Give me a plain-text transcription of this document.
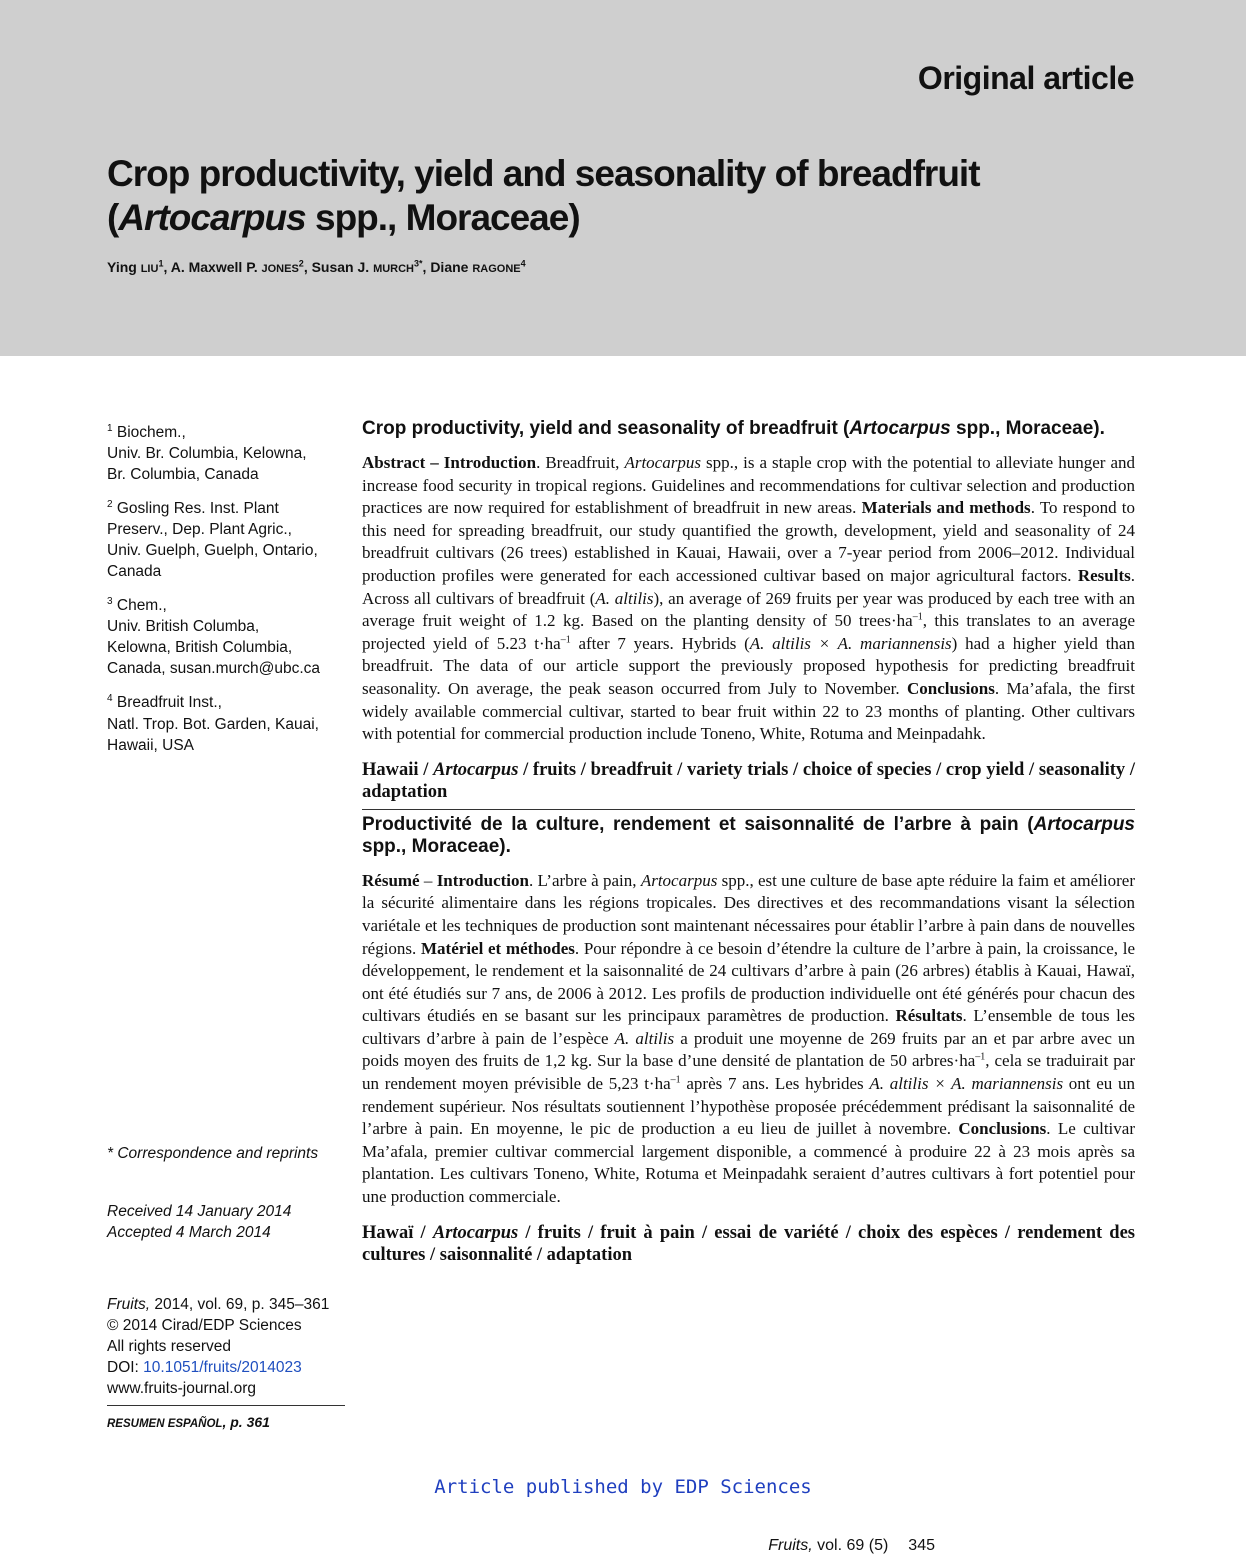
Original article
Crop productivity, yield and seasonality of breadfruit (Artocarpus spp., Moraceae)
Ying LIU$^1$, A. Maxwell P. JONES$^2$, Susan J. $MURCH^{3*}$, Diane RAGONE$^4$
$^1$ Biochem.,
Univ. Br. Columbia, Kelowna,
Br. Columbia, Canada
$^2$ Gosling Res. Inst. Plant
Preserv., Dep. Plant Agric.,
Univ. Guelph, Guelph, Ontario,
Canada
$^3$ Chem.,
Univ. British Columba,
Kelowna, British Columbia,
Canada, susan.murch@ubc.ca
$^4$ Breadfruit Inst.,
Natl. Trop. Bot. Garden, Kauai,
Hawaii, USA
* Correspondence and reprints
Received 14 January 2014
Accepted 4 March 2014
Fruits, 2014, vol. 69, p. 345–361
© 2014 Cirad/EDP Sciences
All rights reserved
DOI: 10.1051/fruits/2014023
www.fruits-journal.org
RESUMEN ESPAÑOL, p. 361
Crop productivity, yield and seasonality of breadfruit (Artocarpus spp., Moraceae).

Abstract – Introduction. Breadfruit, Artocarpus spp., is a staple crop with the potential to alleviate hunger and increase food security in tropical regions. Guidelines and recommendations for cultivar selection and production practices are now required for establishment of breadfruit in new areas. Materials and methods. To respond to this need for spreading breadfruit, our study quantified the growth, development, yield and seasonality of 24 breadfruit cultivars (26 trees) established in Kauai, Hawaii, over a 7-year period from 2006–2012. Individual production profiles were generated for each accessioned cultivar based on major agricultural factors. Results. Across all cultivars of breadfruit (A. altilis), an average of 269 fruits per year was produced by each tree with an average fruit weight of 1.2 kg. Based on the planting density of 50 $trees\cdot ha^{-1}$, this translates to an average projected yield of 5.23 $t\cdot ha^{-1}$ after 7 years. Hybrids (A. altilis × A. mariannensis) had a higher yield than breadfruit. The data of our article support the previously proposed hypothesis for predicting breadfruit seasonality. On average, the peak season occurred from July to November. Conclusions. Ma’afala, the first widely available commercial cultivar, started to bear fruit within 22 to 23 months of planting. Other cultivars with potential for commercial production include Toneno, White, Rotuma and Meinpadahk.

Hawaii / Artocarpus / fruits / breadfruit / variety trials / choice of species / crop yield / seasonality / adaptation

Productivité de la culture, rendement et saisonnalité de l’arbre à pain (Artocarpus spp., Moraceae).

Résumé – Introduction. L’arbre à pain, Artocarpus spp., est une culture de base apte réduire la faim et améliorer la sécurité alimentaire dans les régions tropicales. Des directives et des recommandations visant la sélection variétale et les techniques de production sont maintenant nécessaires pour établir l’arbre à pain dans de nouvelles régions. Matériel et méthodes. Pour répondre à ce besoin d’étendre la culture de l’arbre à pain, la croissance, le développement, le rendement et la saisonnalité de 24 cultivars d’arbre à pain (26 arbres) établis à Kauai, Hawaï, ont été étudiés sur 7 ans, de 2006 à 2012. Les profils de production individuelle ont été générés pour chacun des cultivars étudiés en se basant sur les principaux paramètres de production. Résultats. L’ensemble de tous les cultivars d’arbre à pain de l’espèce A. altilis a produit une moyenne de 269 fruits par an et par arbre avec un poids moyen des fruits de 1,2 kg. Sur la base d’une densité de plantation de 50 $arbres\cdot ha^{-1}$, cela se traduirait par un rendement moyen prévisible de 5,23 $t\cdot ha^{-1}$ après 7 ans. Les hybrides A. altilis × A. mariannensis ont eu un rendement supérieur. Nos résultats soutiennent l’hypothèse proposée précédemment prédisant la saisonnalité de l’arbre à pain. En moyenne, le pic de production a eu lieu de juillet à novembre. Conclusions. Le cultivar Ma’afala, premier cultivar commercial largement disponible, a commencé à produire 22 à 23 mois après sa plantation. Les cultivars Toneno, White, Rotuma et Meinpadahk seraient d’autres cultivars à fort potentiel pour une production commerciale.

Hawaï / Artocarpus / fruits / fruit à pain / essai de variété / choix des espèces / rendement des cultures / saisonnalité / adaptation

Article published by EDP Sciences
Fruits, vol. 69 (5) 345
